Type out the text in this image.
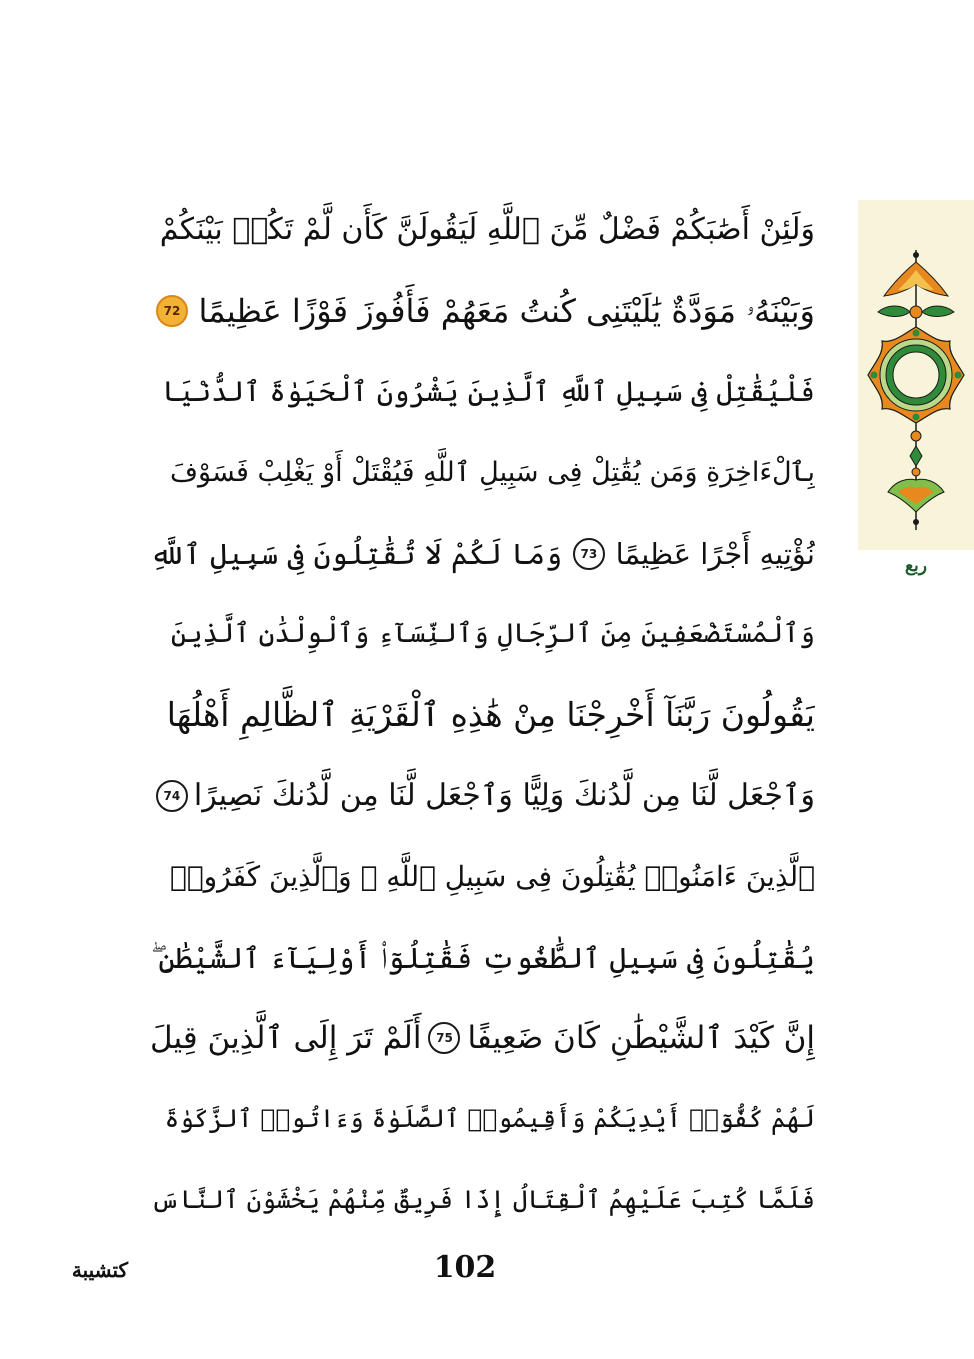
وَلَئِنْ أَصَٰبَكُمْ فَضْلٌ مِّنَ ٱللَّهِ لَيَقُولَنَّ كَأَن لَّمْ تَكُنۢ بَيْنَكُمْ
وَبَيْنَهُۥ مَوَدَّةٌ يَٰلَيْتَنِى كُنتُ مَعَهُمْ فَأَفُوزَ فَوْزًا عَظِيمًا
72
فَلْيُقَٰتِلْ فِى سَبِيلِ ٱللَّهِ ٱلَّذِينَ يَشْرُونَ ٱلْحَيَوٰةَ ٱلدُّنْيَا
بِٱلْءَاخِرَةِ وَمَن يُقَٰتِلْ فِى سَبِيلِ ٱللَّهِ فَيُقْتَلْ أَوْ يَغْلِبْ فَسَوْفَ
نُؤْتِيهِ أَجْرًا عَظِيمًا
73
وَمَا لَكُمْ لَا تُقَٰتِلُونَ فِى سَبِيلِ ٱللَّهِ
وَٱلْمُسْتَضْعَفِينَ مِنَ ٱلرِّجَالِ وَٱلنِّسَآءِ وَٱلْوِلْدَٰنِ ٱلَّذِينَ
يَقُولُونَ رَبَّنَآ أَخْرِجْنَا مِنْ هَٰذِهِ ٱلْقَرْيَةِ ٱلظَّالِمِ أَهْلُهَا
وَٱجْعَل لَّنَا مِن لَّدُنكَ وَلِيًّا وَٱجْعَل لَّنَا مِن لَّدُنكَ نَصِيرًا
74
ٱلَّذِينَ ءَامَنُوا۟ يُقَٰتِلُونَ فِى سَبِيلِ ٱللَّهِ ۖ وَٱلَّذِينَ كَفَرُوا۟
يُقَٰتِلُونَ فِى سَبِيلِ ٱلطَّٰغُوتِ فَقَٰتِلُوٓا۟ أَوْلِيَآءَ ٱلشَّيْطَٰنِ ۖ
إِنَّ كَيْدَ ٱلشَّيْطَٰنِ كَانَ ضَعِيفًا
75
أَلَمْ تَرَ إِلَى ٱلَّذِينَ قِيلَ
لَهُمْ كُفُّوٓا۟ أَيْدِيَكُمْ وَأَقِيمُوا۟ ٱلصَّلَوٰةَ وَءَاتُوا۟ ٱلزَّكَوٰةَ
فَلَمَّا كُتِبَ عَلَيْهِمُ ٱلْقِتَالُ إِذَا فَرِيقٌ مِّنْهُمْ يَخْشَوْنَ ٱلنَّاسَ
ربع
102
كتشيبة
